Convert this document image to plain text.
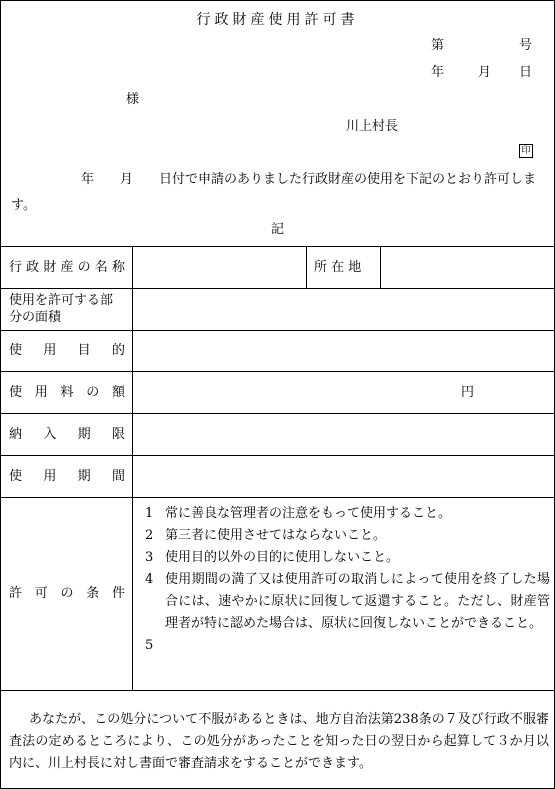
行政財産使用許可書
第	号
年	月 日
様
川上村長
印
年　　月　　日付で申請のありました行政財産の使用を下記のとおり許可します。
記
行 政 財 産 の 名 称	所 在 地
使用を許可する部分の面積
使 用 目 的
使 用 料 の 額	円
納 入 期 限
使 用 期 間
許 可 の 条 件
1 常に善良な管理者の注意をもって使用すること。
2 第三者に使用させてはならないこと。
3 使用目的以外の目的に使用しないこと。
4 使用期間の満了又は使用許可の取消しによって使用を終了した場合には、速やかに原状に回復して返還すること。ただし、財産管理者が特に認めた場合は、原状に回復しないことができること。
5
あなたが、この処分について不服があるときは、地方自治法第238条の７及び行政不服審査法の定めるところにより、この処分があったことを知った日の翌日から起算して３か月以内に、川上村長に対し書面で審査請求をすることができます。
